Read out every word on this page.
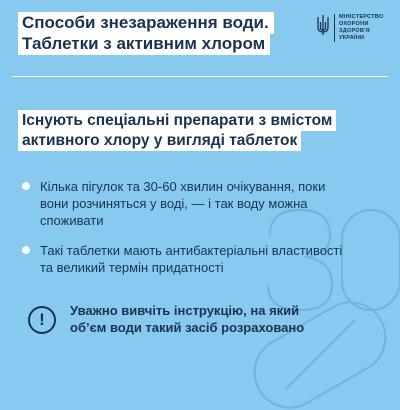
Способи знезараження води.
Таблетки з активним хлором
МІНІСТЕРСТВО
ОХОРОНИ
ЗДОРОВ'Я
УКРАЇНИ
Існують спеціальні препарати з вмістом
активного хлору у вигляді таблеток
Кілька пігулок та 30-60 хвилин очікування, поки вони розчиняться у воді, — і так воду можна споживати
Такі таблетки мають антибактеріальні властивості та великий термін придатності
!	Уважно вивчіть інструкцію, на який об’єм води такий засіб розраховано
